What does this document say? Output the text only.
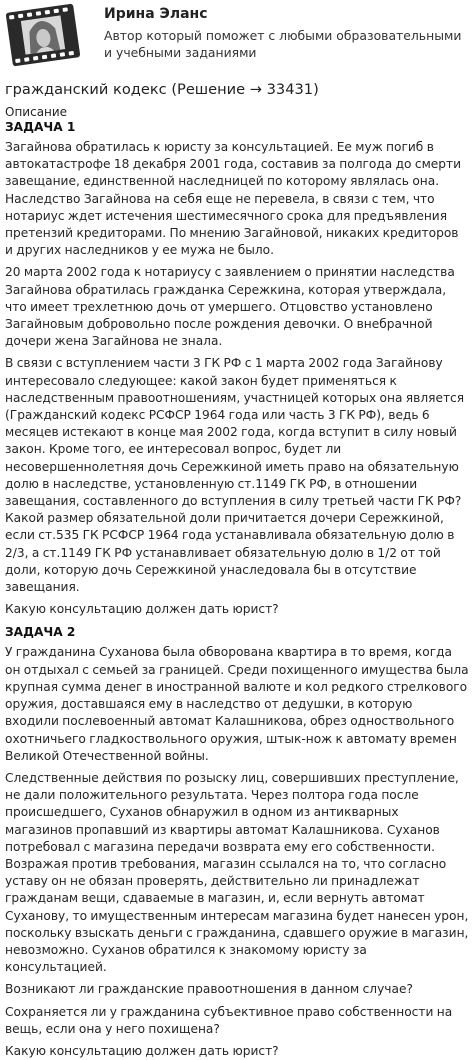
Ирина Эланс
Автор который поможет с любыми образовательными и учебными заданиями
гражданский кодекс (Решение → 33431)
Описание
ЗАДАЧА 1

Загайнова обратилась к юристу за консультацией. Ее муж погиб в автокатастрофе 18 декабря 2001 года, составив за полгода до смерти завещание, единственной наследницей по которому являлась она. Наследство Загайнова на себя еще не перевела, в связи с тем, что нотариус ждет истечения шестимесячного срока для предъявления претензий кредиторами. По мнению Загайновой, никаких кредиторов и других наследников у ее мужа не было.

20 марта 2002 года к нотариусу с заявлением о принятии наследства Загайнова обратилась гражданка Сережкина, которая утверждала, что имеет трехлетнюю дочь от умершего. Отцовство установлено Загайновым добровольно после рождения девочки. О внебрачной дочери жена Загайнова не знала.

В связи с вступлением части 3 ГК РФ с 1 марта 2002 года Загайнову интересовало следующее: какой закон будет применяться к наследственным правоотношениям, участницей которых она является (Гражданский кодекс РСФСР 1964 года или часть 3 ГК РФ), ведь 6 месяцев истекают в конце мая 2002 года, когда вступит в силу новый закон. Кроме того, ее интересовал вопрос, будет ли несовершеннолетняя дочь Сережкиной иметь право на обязательную долю в наследстве, установленную ст.1149 ГК РФ, в отношении завещания, составленного до вступления в силу третьей части ГК РФ? Какой размер обязательной доли причитается дочери Сережкиной, если ст.535 ГК РСФСР 1964 года устанавливала обязательную долю в 2/3, а ст.1149 ГК РФ устанавливает обязательную долю в 1/2 от той доли, которую дочь Сережкиной унаследовала бы в отсутствие завещания.

Какую консультацию должен дать юрист?

ЗАДАЧА 2

У гражданина Суханова была обворована квартира в то время, когда он отдыхал с семьей за границей. Среди похищенного имущества была крупная сумма денег в иностранной валюте и кол редкого стрелкового оружия, доставшаяся ему в наследство от дедушки, в которую входили послевоенный автомат Калашникова, обрез одноствольного охотничьего гладкоствольного оружия, штык-нож к автомату времен Великой Отечественной войны.

Следственные действия по розыску лиц, совершивших преступление, не дали положительного результата. Через полтора года после происшедшего, Суханов обнаружил в одном из антикварных магазинов пропавший из квартиры автомат Калашникова. Суханов потребовал с магазина передачи возврата ему его собственности. Возражая против требования, магазин ссылался на то, что согласно уставу он не обязан проверять, действительно ли принадлежат гражданам вещи, сдаваемые в магазин, и, если вернуть автомат Суханову, то имущественным интересам магазина будет нанесен урон, поскольку взыскать деньги с гражданина, сдавшего оружие в магазин, невозможно. Суханов обратился к знакомому юристу за консультацией.

Возникают ли гражданские правоотношения в данном случае?

Сохраняется ли у гражданина субъективное право собственности на вещь, если она у него похищена?

Какую консультацию должен дать юрист?
